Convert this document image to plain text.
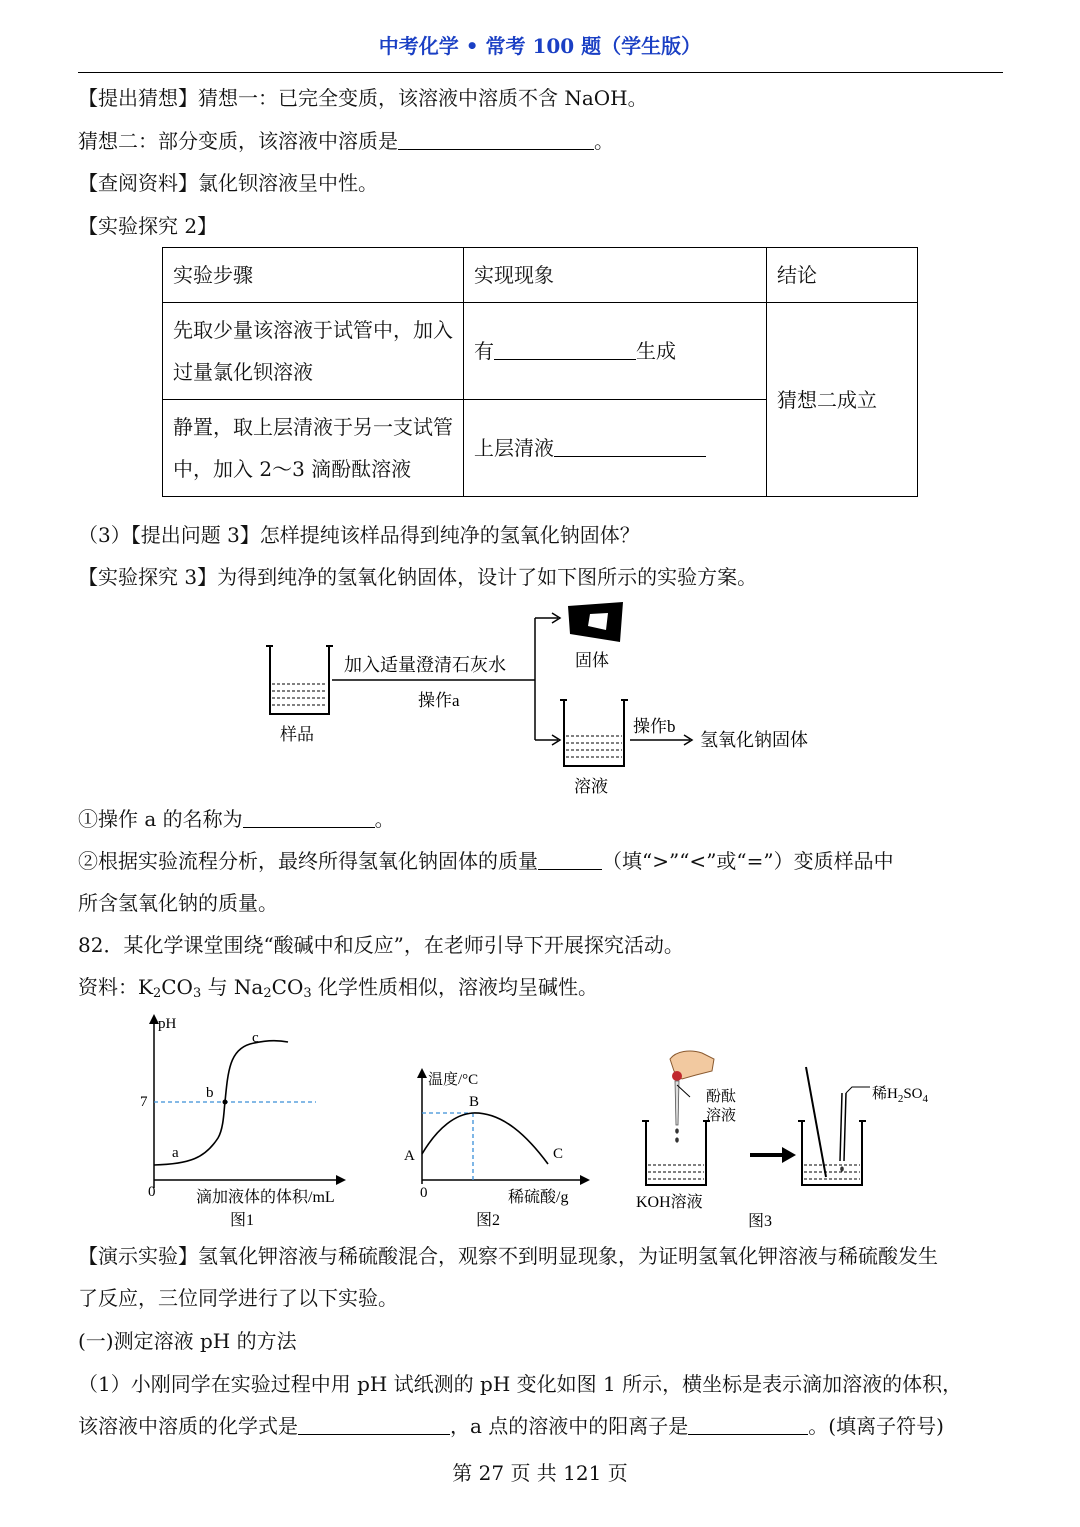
中考化学 • 常考 100 题（学生版）
【提出猜想】猜想一：已完全变质，该溶液中溶质不含 NaOH。
猜想二：部分变质，该溶液中溶质是	。
【查阅资料】氯化钡溶液呈中性。
【实验探究 2】
实验步骤	实现现象	结论
先取少量该溶液于试管中，加入过量氯化钡溶液	有 生成	猜想二成立
静置，取上层清液于另一支试管中，加入 2～3 滴酚酞溶液	上层清液	
（3）【提出问题 3】怎样提纯该样品得到纯净的氢氧化钠固体？
【实验探究 3】为得到纯净的氢氧化钠固体，设计了如下图所示的实验方案。
样品
加入适量澄清石灰水
操作a
固体
溶液
操作b
氢氧化钠固体
①操作 a 的名称为	。
②根据实验流程分析，最终所得氢氧化钠固体的质量	（填“>”“<”或“=”）变质样品中
所含氢氧化钠的质量。
82．某化学课堂围绕“酸碱中和反应”，在老师引导下开展探究活动。
资料：$K_2CO_3$ 与 $Na_2CO_3$ 化学性质相似，溶液均呈碱性。
pH
7
a
b
c
0	滴加液体的体积/mL
图1
温度/°C
A
B
C
0	稀硫酸/g
图2
酚酞
溶液
KOH溶液
稀$H_2SO_4$
图3
【演示实验】氢氧化钾溶液与稀硫酸混合，观察不到明显现象，为证明氢氧化钾溶液与稀硫酸发生
了反应，三位同学进行了以下实验。
(一)测定溶液 pH 的方法
（1）小刚同学在实验过程中用 pH 试纸测的 pH 变化如图 1 所示，横坐标是表示滴加溶液的体积，
该溶液中溶质的化学式是	，a 点的溶液中的阳离子是	。(填离子符号)
第 27 页 共 121 页
